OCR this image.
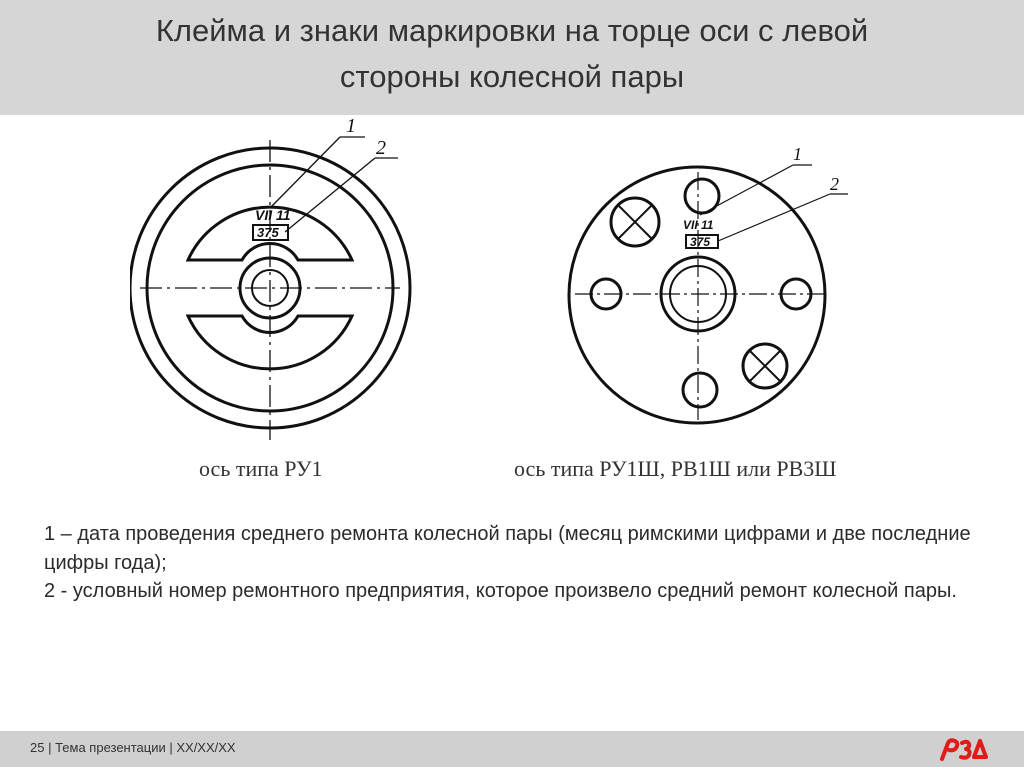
Клейма и знаки маркировки на торце оси с левой
стороны колесной пары
1
2
VII 11
375
ось типа РУ1
1
2
VII 11
375
ось типа РУ1Ш, РВ1Ш или РВ3Ш

1 – дата проведения среднего ремонта колесной пары (месяц римскими цифрами и две последние цифры года);

2 - условный номер ремонтного предприятия, которое произвело средний ремонт колесной пары.

25 | Тема презентации | XX/XX/XX
